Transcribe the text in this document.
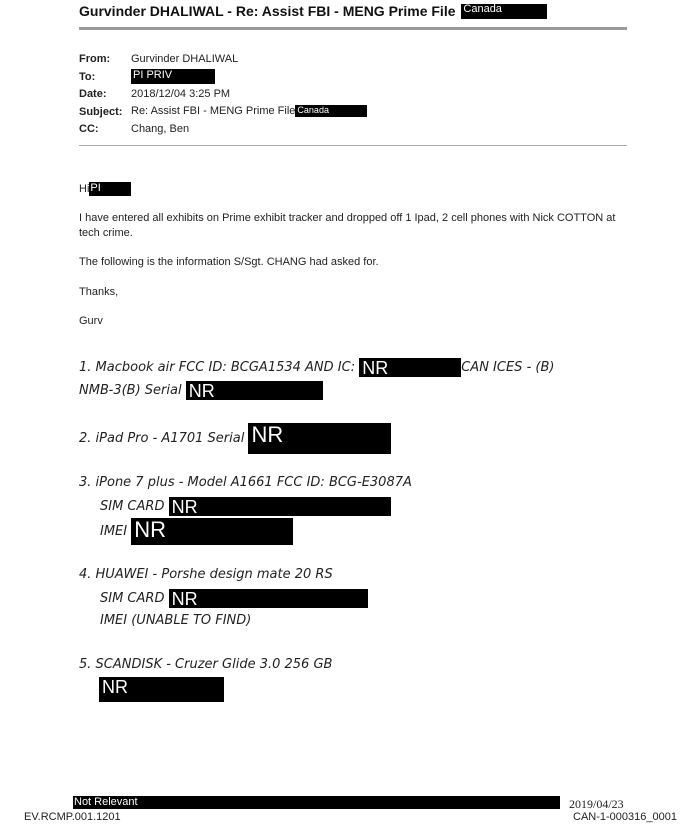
Gurvinder DHALIWAL - Re: Assist FBI - MENG Prime File Canada
From: Gurvinder DHALIWAL
To:	PI PRIV
Date: 2018/12/04 3:25 PM
Subject: Re: Assist FBI - MENG Prime File Canada
CC:	Chang, Ben
HiPI
I have entered all exhibits on Prime exhibit tracker and dropped off 1 Ipad, 2 cell phones with Nick COTTON at tech crime.
The following is the information S/Sgt. CHANG had asked for.
Thanks,
Gurv
1. Macbook air FCC ID: BCGA1534 AND IC: NR	CAN ICES - (B)
NMB-3(B) Serial NR
2. iPad Pro - A1701 Serial NR
3. iPone 7 plus - Model A1661 FCC ID: BCG-E3087A
SIM CARD NR
IMEI NR
4. HUAWEI - Porshe design mate 20 RS
SIM CARD NR
IMEI (UNABLE TO FIND)
5. SCANDISK - Cruzer Glide 3.0 256 GB
NR
Not Relevant	2019/04/23
EV.RCMP.001.1201	CAN-1-000316_0001
